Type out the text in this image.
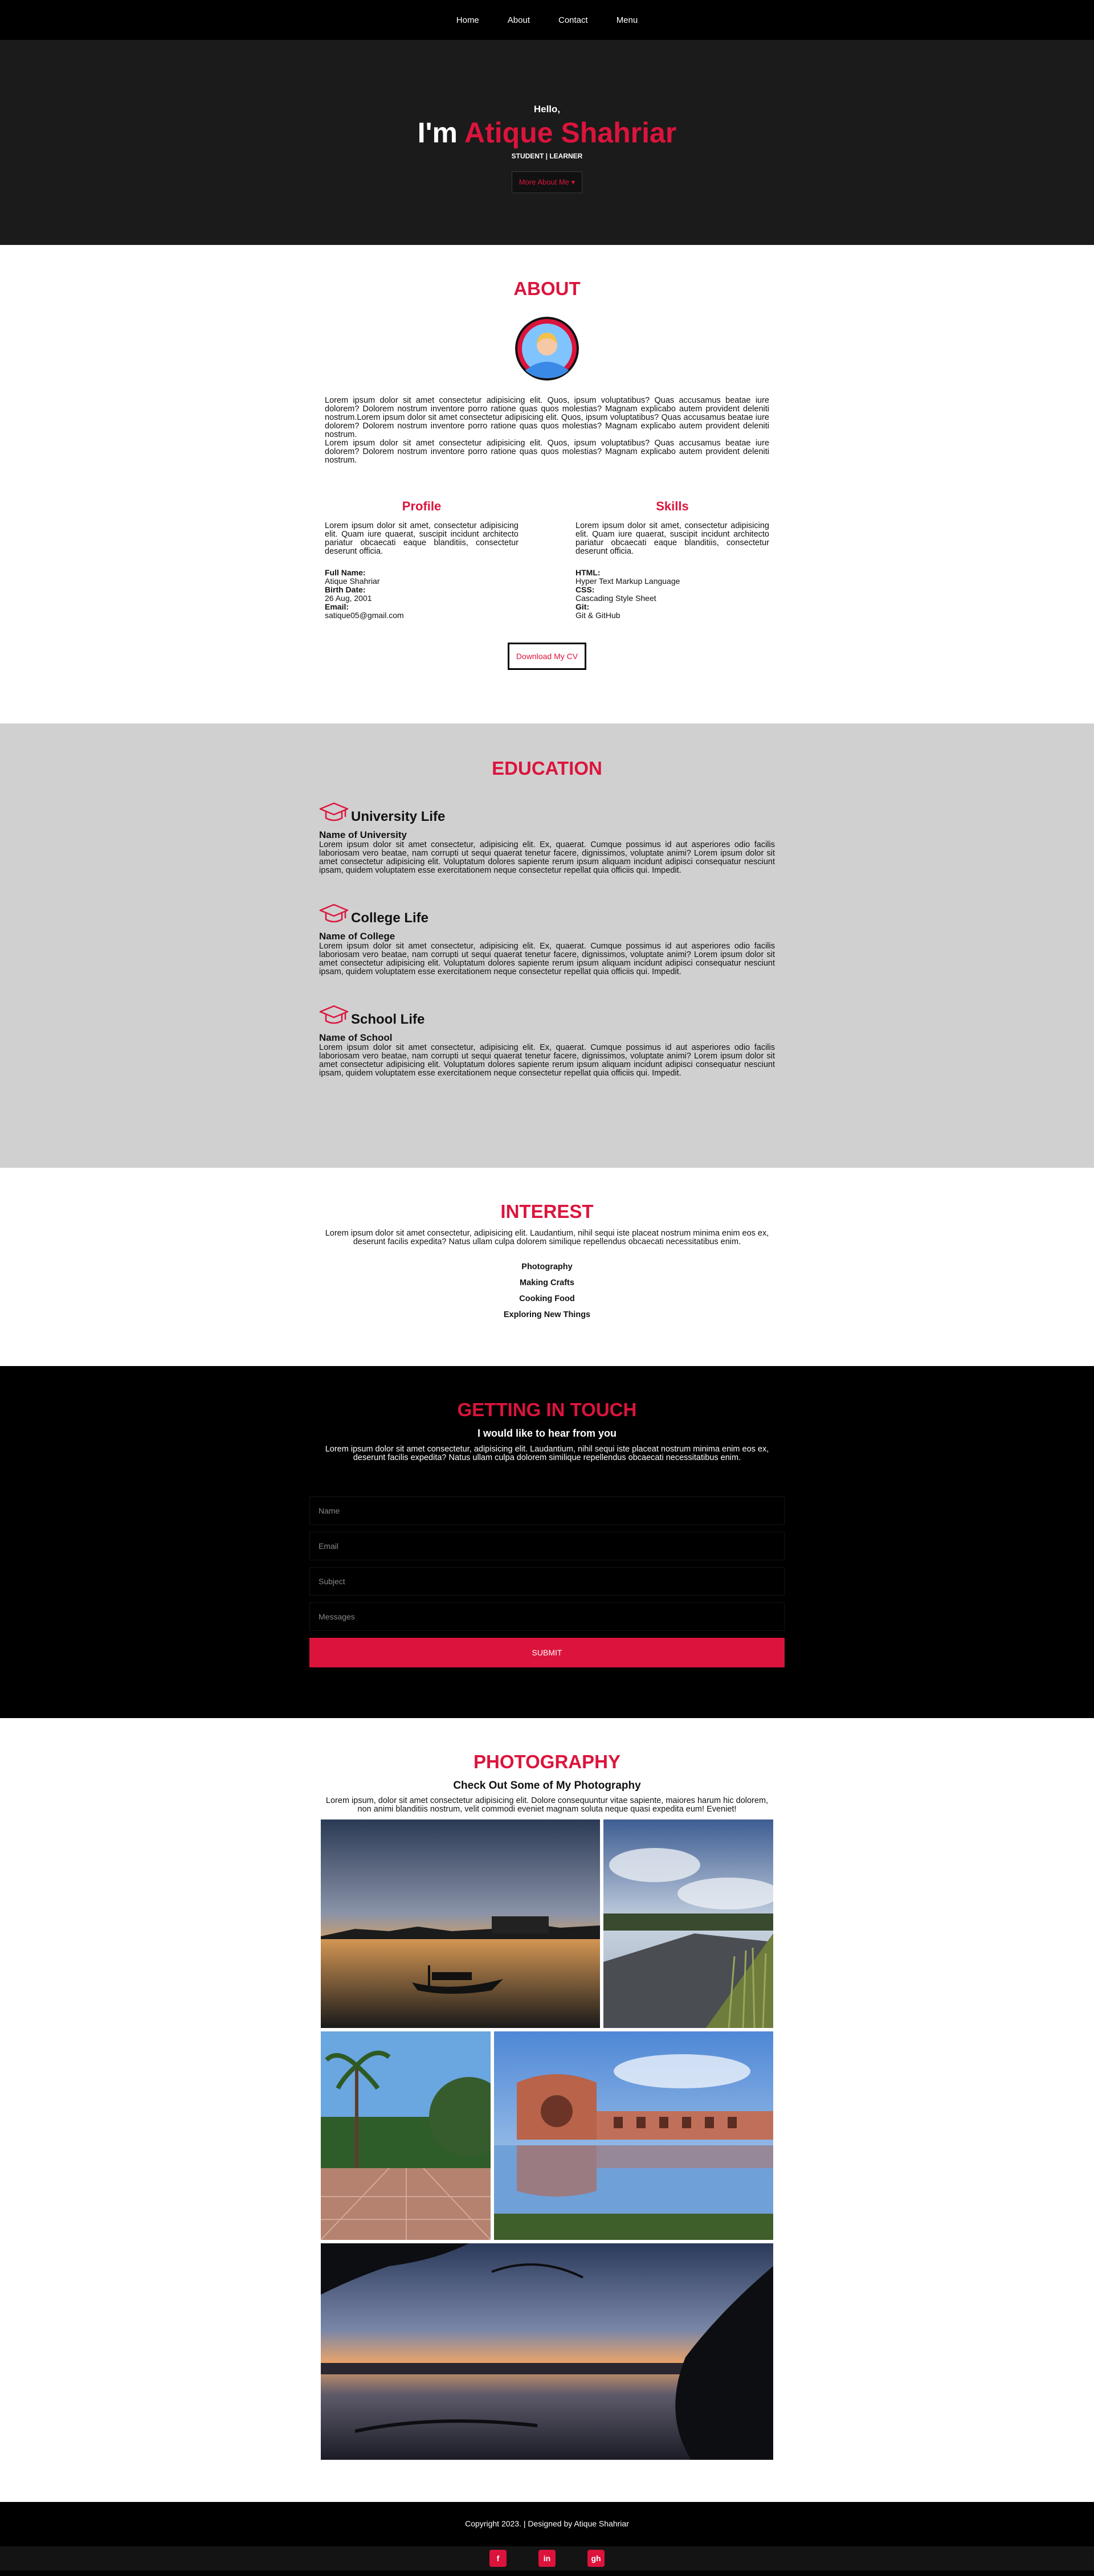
Home	About	Contact	Menu
Hello,
I'm Atique Shahriar
STUDENT | LEARNER
More About Me ▾
ABOUT

Lorem ipsum dolor sit amet consectetur adipisicing elit. Quos, ipsum voluptatibus? Quas accusamus beatae iure dolorem? Dolorem nostrum inventore porro ratione quas quos molestias? Magnam explicabo autem provident deleniti nostrum.Lorem ipsum dolor sit amet consectetur adipisicing elit. Quos, ipsum voluptatibus? Quas accusamus beatae iure dolorem? Dolorem nostrum inventore porro ratione quas quos molestias? Magnam explicabo autem provident deleniti nostrum.
Lorem ipsum dolor sit amet consectetur adipisicing elit. Quos, ipsum voluptatibus? Quas accusamus beatae iure dolorem? Dolorem nostrum inventore porro ratione quas quos molestias? Magnam explicabo autem provident deleniti nostrum.

Profile

Lorem ipsum dolor sit amet, consectetur adipisicing elit. Quam iure quaerat, suscipit incidunt architecto pariatur obcaecati eaque blanditiis, consectetur deserunt officia.

Full Name:
Atique Shahriar
Birth Date:
26 Aug, 2001
Email:
satique05@gmail.com
Skills

Lorem ipsum dolor sit amet, consectetur adipisicing elit. Quam iure quaerat, suscipit incidunt architecto pariatur obcaecati eaque blanditiis, consectetur deserunt officia.

HTML:
Hyper Text Markup Language
CSS:
Cascading Style Sheet
Git:
Git & GitHub
Download My CV
EDUCATION
University Life
Name of University

Lorem ipsum dolor sit amet consectetur, adipisicing elit. Ex, quaerat. Cumque possimus id aut asperiores odio facilis laboriosam vero beatae, nam corrupti ut sequi quaerat tenetur facere, dignissimos, voluptate animi? Lorem ipsum dolor sit amet consectetur adipisicing elit. Voluptatum dolores sapiente rerum ipsum aliquam incidunt adipisci consequatur nesciunt ipsam, quidem voluptatem esse exercitationem neque consectetur repellat quia officiis qui. Impedit.

College Life
Name of College

Lorem ipsum dolor sit amet consectetur, adipisicing elit. Ex, quaerat. Cumque possimus id aut asperiores odio facilis laboriosam vero beatae, nam corrupti ut sequi quaerat tenetur facere, dignissimos, voluptate animi? Lorem ipsum dolor sit amet consectetur adipisicing elit. Voluptatum dolores sapiente rerum ipsum aliquam incidunt adipisci consequatur nesciunt ipsam, quidem voluptatem esse exercitationem neque consectetur repellat quia officiis qui. Impedit.

School Life
Name of School

Lorem ipsum dolor sit amet consectetur, adipisicing elit. Ex, quaerat. Cumque possimus id aut asperiores odio facilis laboriosam vero beatae, nam corrupti ut sequi quaerat tenetur facere, dignissimos, voluptate animi? Lorem ipsum dolor sit amet consectetur adipisicing elit. Voluptatum dolores sapiente rerum ipsum aliquam incidunt adipisci consequatur nesciunt ipsam, quidem voluptatem esse exercitationem neque consectetur repellat quia officiis qui. Impedit.

INTEREST

Lorem ipsum dolor sit amet consectetur, adipisicing elit. Laudantium, nihil sequi iste placeat nostrum minima enim eos ex, deserunt facilis expedita? Natus ullam culpa dolorem similique repellendus obcaecati necessitatibus enim.

Photography
Making Crafts
Cooking Food
Exploring New Things
GETTING IN TOUCH
I would like to hear from you

Lorem ipsum dolor sit amet consectetur, adipisicing elit. Laudantium, nihil sequi iste placeat nostrum minima enim eos ex, deserunt facilis expedita? Natus ullam culpa dolorem similique repellendus obcaecati necessitatibus enim.

Name
Email
Subject
Messages SUBMIT
PHOTOGRAPHY
Check Out Some of My Photography

Lorem ipsum, dolor sit amet consectetur adipisicing elit. Dolore consequuntur vitae sapiente, maiores harum hic dolorem, non animi blanditiis nostrum, velit commodi eveniet magnam soluta neque quasi expedita eum! Eveniet!

Copyright 2023. | Designed by Atique Shahriar
f	in	gh
